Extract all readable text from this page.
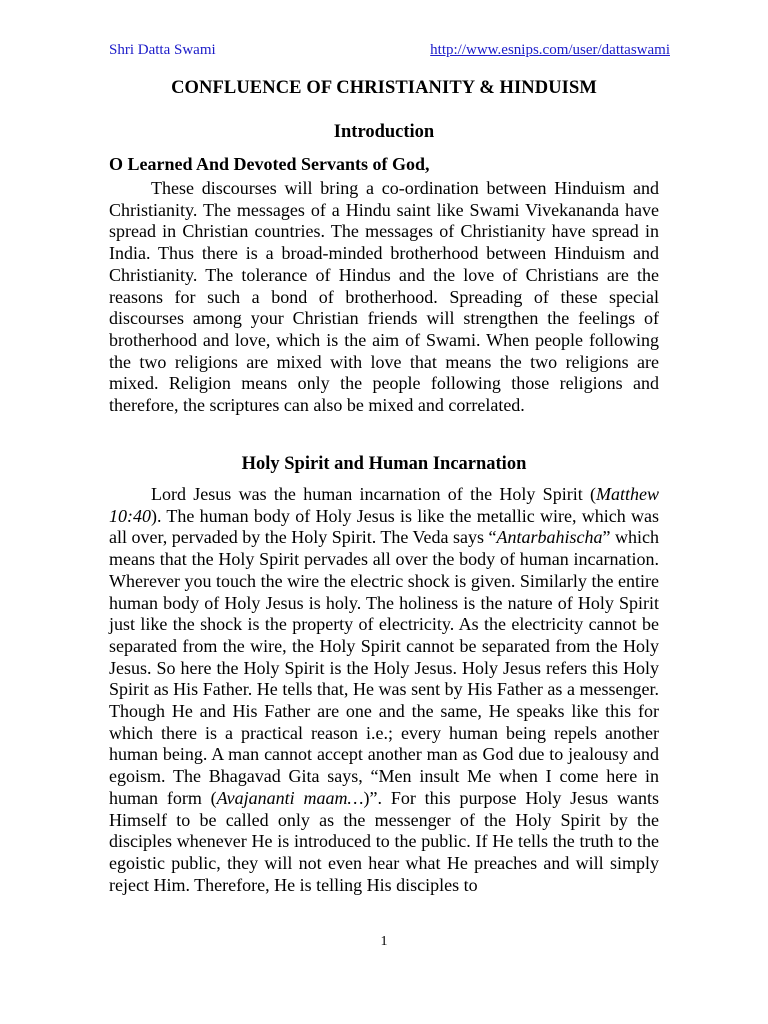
Shri Datta Swami	http://www.esnips.com/user/dattaswami
CONFLUENCE OF CHRISTIANITY & HINDUISM
Introduction
O Learned And Devoted Servants of God,

These discourses will bring a co-ordination between Hinduism and Christianity. The messages of a Hindu saint like Swami Vivekananda have spread in Christian countries. The messages of Christianity have spread in India. Thus there is a broad-minded brotherhood between Hinduism and Christianity. The tolerance of Hindus and the love of Christians are the reasons for such a bond of brotherhood. Spreading of these special discourses among your Christian friends will strengthen the feelings of brotherhood and love, which is the aim of Swami. When people following the two religions are mixed with love that means the two religions are mixed. Religion means only the people following those religions and therefore, the scriptures can also be mixed and correlated.

Holy Spirit and Human Incarnation

Lord Jesus was the human incarnation of the Holy Spirit (Matthew 10:40). The human body of Holy Jesus is like the metallic wire, which was all over, pervaded by the Holy Spirit. The Veda says “Antarbahischa” which means that the Holy Spirit pervades all over the body of human incarnation. Wherever you touch the wire the electric shock is given. Similarly the entire human body of Holy Jesus is holy. The holiness is the nature of Holy Spirit just like the shock is the property of electricity. As the electricity cannot be separated from the wire, the Holy Spirit cannot be separated from the Holy Jesus. So here the Holy Spirit is the Holy Jesus. Holy Jesus refers this Holy Spirit as His Father. He tells that, He was sent by His Father as a messenger. Though He and His Father are one and the same, He speaks like this for which there is a practical reason i.e.; every human being repels another human being. A man cannot accept another man as God due to jealousy and egoism. The Bhagavad Gita says, “Men insult Me when I come here in human form (Avajananti maam…)”. For this purpose Holy Jesus wants Himself to be called only as the messenger of the Holy Spirit by the disciples whenever He is introduced to the public. If He tells the truth to the egoistic public, they will not even hear what He preaches and will simply reject Him. Therefore, He is telling His disciples to

1
